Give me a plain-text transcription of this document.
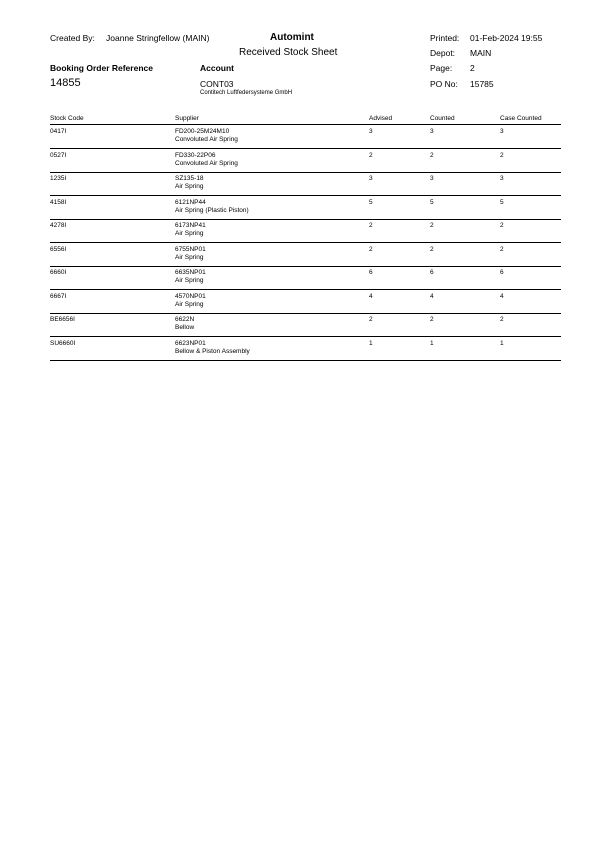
Created By: Joanne Stringfellow (MAIN)	Automint
Received Stock Sheet
Printed: 01-Feb-2024 19:55
Depot: MAIN
Page: 2
PO No: 15785
Booking Order Reference
14855
Account
CONT03
Contitech Luftfedersysteme GmbH
Stock Code	Supplier	Advised	Counted	Case Counted
0417I	FD200-25M24M10
Convoluted Air Spring
3	3	3
0527I	FD330-22P06
Convoluted Air Spring
2	2	2
1235I	SZ135-18
Air Spring
3	3	3
4158I	6121NP44
Air Spring (Plastic Piston)
5	5	5
4278I	6173NP41
Air Spring
2	2	2
6556I	6755NP01
Air Spring
2	2	2
6660I	6635NP01
Air Spring
6	6	6
6667I	4570NP01
Air Spring
4	4	4
BE6656I	6622N
Bellow
2	2	2
SU6660I	6623NP01
Bellow & Piston Assembly
1	1	1
